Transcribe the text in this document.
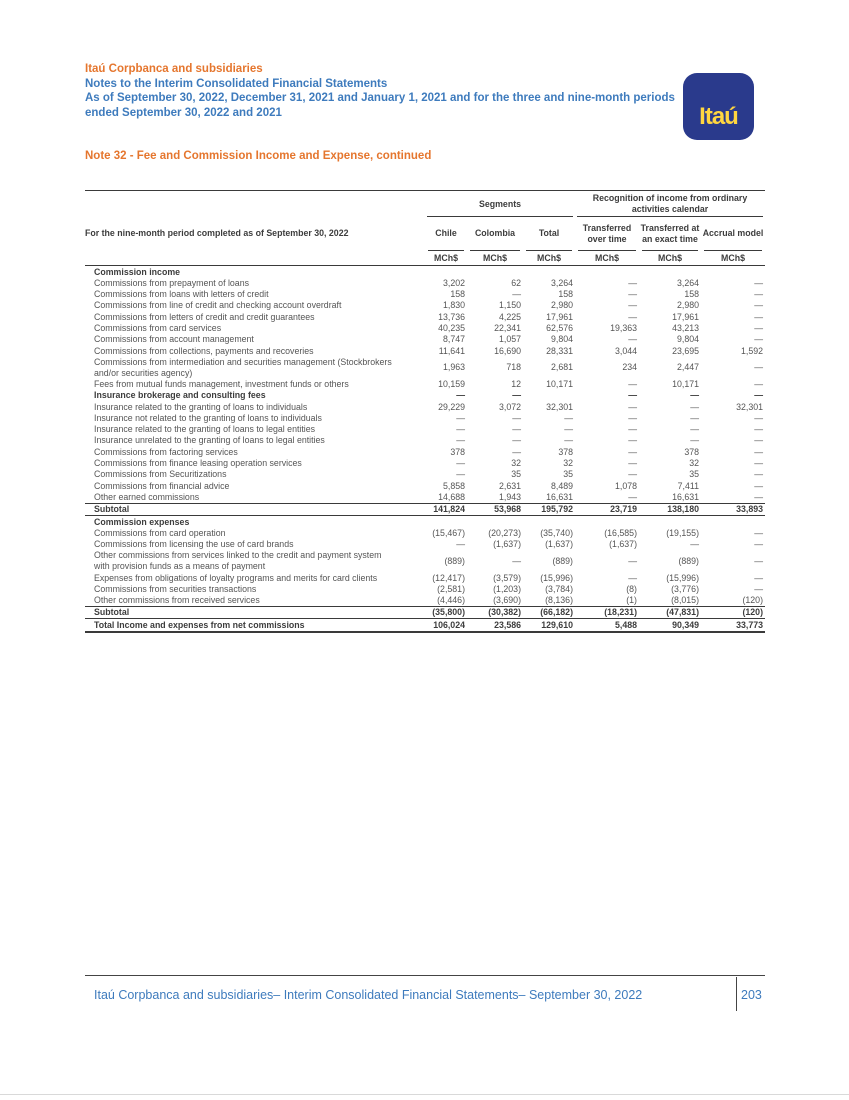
Itaú Corpbanca and subsidiaries
Notes to the Interim Consolidated Financial Statements
As of September 30, 2022, December 31, 2021 and January 1, 2021 and for the three and nine-month periods ended September 30, 2022 and 2021	Itaú
Note 32 - Fee and Commission Income and Expense, continued
	Segments			Recognition of income from ordinary activities calendar		
For the nine-month period completed as of September 30, 2022	Chile	Colombia	Total	Transferred over time	Transferred at an exact time	Accrual model
	MCh$	MCh$	MCh$	MCh$	MCh$	MCh$
Commission income						
Commissions from prepayment of loans	3,202	62	3,264	—	3,264	—
Commissions from loans with letters of credit	158	—	158	—	158	—
Commissions from line of credit and checking account overdraft	1,830	1,150	2,980	—	2,980	—
Commissions from letters of credit and credit guarantees	13,736	4,225	17,961	—	17,961	—
Commissions from card services	40,235	22,341	62,576	19,363	43,213	—
Commissions from account management	8,747	1,057	9,804	—	9,804	—
Commissions from collections, payments and recoveries	11,641	16,690	28,331	3,044	23,695	1,592
Commissions from intermediation and securities management (Stockbrokers and/or securities agency)	1,963	718	2,681	234	2,447	—
Fees from mutual funds management, investment funds or others	10,159	12	10,171	—	10,171	—
Insurance brokerage and consulting fees	—	—		—	—	—
Insurance related to the granting of loans to individuals	29,229	3,072	32,301	—	—	32,301
Insurance not related to the granting of loans to individuals	—	—	—	—	—	—
Insurance related to the granting of loans to legal entities	—	—	—	—	—	—
Insurance unrelated to the granting of loans to legal entities	—	—	—	—	—	—
Commissions from factoring services	378	—	378	—	378	—
Commissions from finance leasing operation services	—	32	32	—	32	—
Commissions from Securitizations	—	35	35	—	35	—
Commissions from financial advice	5,858	2,631	8,489	1,078	7,411	—
Other earned commissions	14,688	1,943	16,631	—	16,631	—
Subtotal	141,824	53,968	195,792	23,719	138,180	33,893
Commission expenses						
Commissions from card operation	(15,467)	(20,273)	(35,740)	(16,585)	(19,155)	—
Commissions from licensing the use of card brands	—	(1,637)	(1,637)	(1,637)	—	—
Other commissions from services linked to the credit and payment system with provision funds as a means of payment	(889)	—	(889)	—	(889)	—
Expenses from obligations of loyalty programs and merits for card clients	(12,417)	(3,579)	(15,996)	—	(15,996)	—
Commissions from securities transactions	(2,581)	(1,203)	(3,784)	(8)	(3,776)	—
Other commissions from received services	(4,446)	(3,690)	(8,136)	(1)	(8,015)	(120)
Subtotal	(35,800)	(30,382)	(66,182)	(18,231)	(47,831)	(120)
Total Income and expenses from net commissions	106,024	23,586	129,610	5,488	90,349	33,773
Itaú Corpbanca and subsidiaries– Interim Consolidated Financial Statements– September 30, 2022	203
